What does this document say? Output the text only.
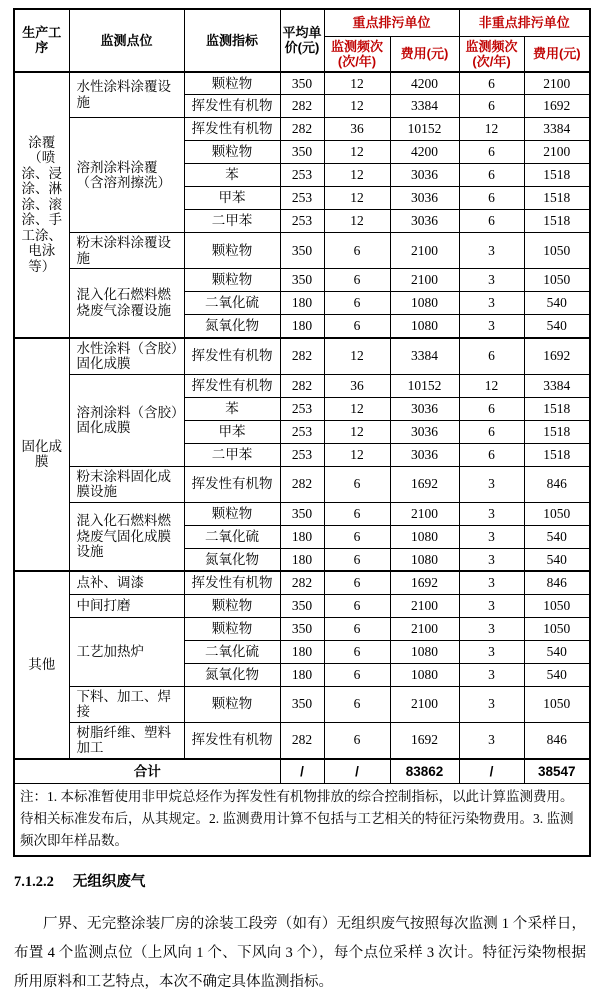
生产工序	监测点位	监测指标	平均单价(元)	重点排污单位		非重点排污单位	
				监测频次(次/年)	费用(元)	监测频次(次/年)	费用(元)
涂覆（喷涂、浸涂、淋涂、滚涂、手工涂、电泳等）	水性涂料涂覆设施	颗粒物	350	12	4200	6	2100
		挥发性有机物	282	12	3384	6	1692
	溶剂涂料涂覆（含溶剂擦洗）	挥发性有机物	282	36	10152	12	3384
		颗粒物	350	12	4200	6	2100
		苯	253	12	3036	6	1518
		甲苯	253	12	3036	6	1518
		二甲苯	253	12	3036	6	1518
	粉末涂料涂覆设施	颗粒物	350	6	2100	3	1050
	混入化石燃料燃烧废气涂覆设施	颗粒物	350	6	2100	3	1050
		二氧化硫	180	6	1080	3	540
		氮氧化物	180	6	1080	3	540
固化成膜	水性涂料（含胶）固化成膜	挥发性有机物	282	12	3384	6	1692
	溶剂涂料（含胶）固化成膜	挥发性有机物	282	36	10152	12	3384
		苯	253	12	3036	6	1518
		甲苯	253	12	3036	6	1518
		二甲苯	253	12	3036	6	1518
	粉末涂料固化成膜设施	挥发性有机物	282	6	1692	3	846
	混入化石燃料燃烧废气固化成膜设施	颗粒物	350	6	2100	3	1050
		二氧化硫	180	6	1080	3	540
		氮氧化物	180	6	1080	3	540
其他	点补、调漆	挥发性有机物	282	6	1692	3	846
	中间打磨	颗粒物	350	6	2100	3	1050
	工艺加热炉	颗粒物	350	6	2100	3	1050
		二氧化硫	180	6	1080	3	540
		氮氧化物	180	6	1080	3	540
	下料、加工、焊接	颗粒物	350	6	2100	3	1050
	树脂纤维、塑料加工	挥发性有机物	282	6	1692	3	846
合计			/	/	83862	/	38547
注：1. 本标准暂使用非甲烷总烃作为挥发性有机物排放的综合控制指标，以此计算监测费用。待相关标准发布后，从其规定。2. 监测费用计算不包括与工艺相关的特征污染物费用。3. 监测频次即年样品数。							
7.1.2.2 无组织废气

厂界、无完整涂装厂房的涂装工段旁（如有）无组织废气按照每次监测 1 个采样日，布置 4 个监测点位（上风向 1 个、下风向 3 个），每个点位采样 3 次计。特征污染物根据所用原料和工艺特点，本次不确定具体监测指标。
